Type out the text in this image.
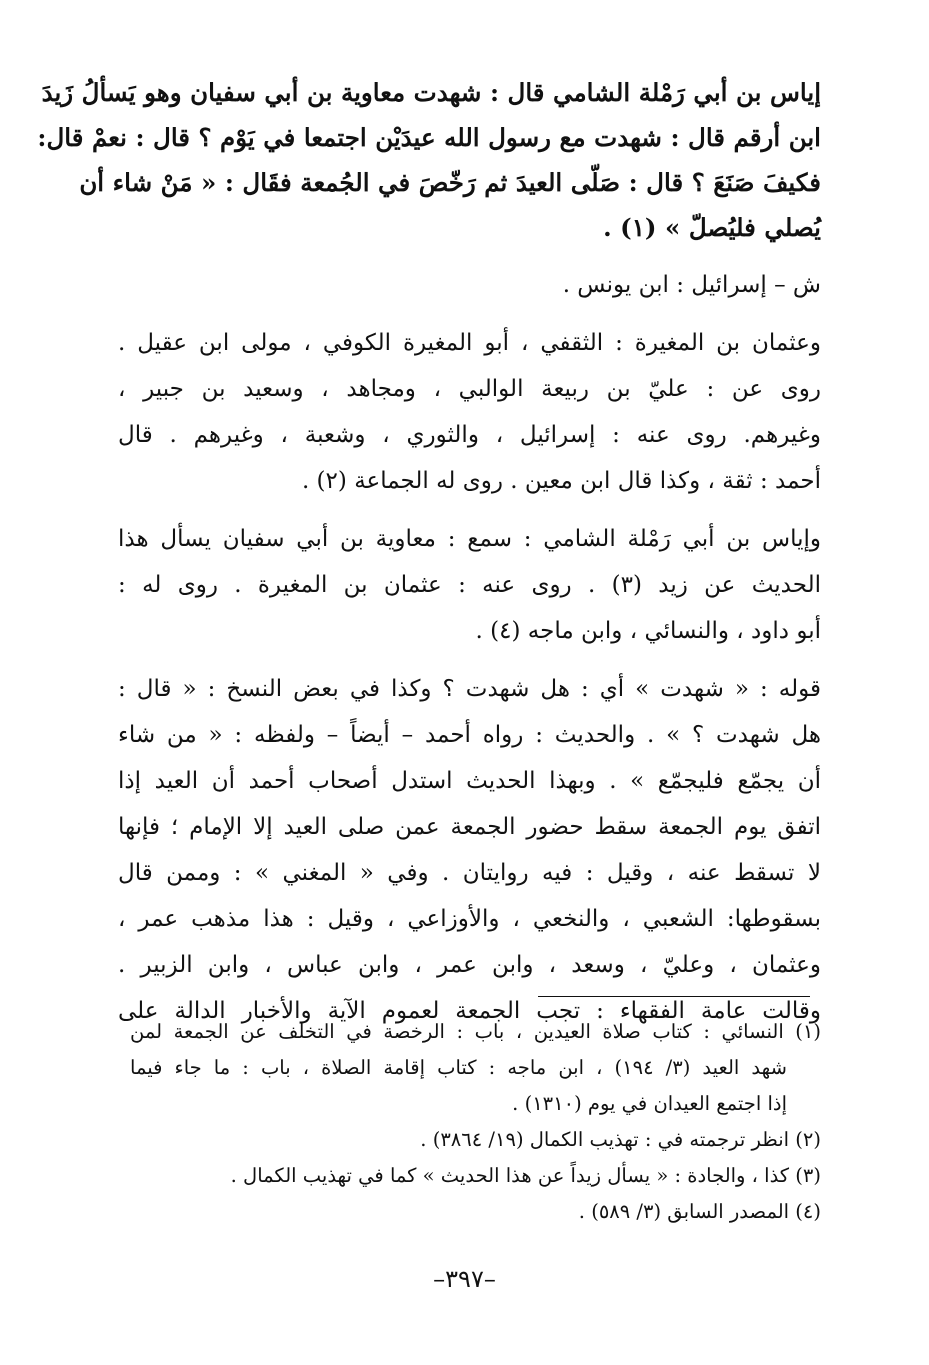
إياس بن أبي رَمْلة الشامي قال : شهدت معاوية بن أبي سفيان وهو يَسألُ زَيدَ
ابن أرقم قال : شهدت مع رسول الله عيدَيْن اجتمعا في يَوْم ؟ قال : نعمْ قال:
فكيفَ صَنَعَ ؟ قال : صَلّى العيدَ ثم رَخّصَ في الجُمعة فقَال : « مَنْ شاء أن
يُصلي فليُصلّ » (١) .
ش – إسرائيل : ابن يونس .
وعثمان بن المغيرة : الثقفي ، أبو المغيرة الكوفي ، مولى ابن عقيل .
روى عن : عليّ بن ربيعة الوالبي ، ومجاهد ، وسعيد بن جبير ،
وغيرهم. روى عنه : إسرائيل ، والثوري ، وشعبة ، وغيرهم . قال
أحمد : ثقة ، وكذا قال ابن معين . روى له الجماعة (٢) .
وإياس بن أبي رَمْلة الشامي : سمع : معاوية بن أبي سفيان يسأل هذا
الحديث عن زيد (٣) . روى عنه : عثمان بن المغيرة . روى له :
أبو داود ، والنسائي ، وابن ماجه (٤) .
قوله : « شهدت » أي : هل شهدت ؟ وكذا في بعض النسخ : « قال :
هل شهدت ؟ » . والحديث : رواه أحمد – أيضاً – ولفظه : « من شاء
أن يجمّع فليجمّع » . وبهذا الحديث استدل أصحاب أحمد أن العيد إذا
اتفق يوم الجمعة سقط حضور الجمعة عمن صلى العيد إلا الإمام ؛ فإنها
لا تسقط عنه ، وقيل : فيه روايتان . وفي « المغني » : وممن قال
بسقوطها: الشعبي ، والنخعي ، والأوزاعي ، وقيل : هذا مذهب عمر ،
وعثمان ، وعليّ ، وسعد ، وابن عمر ، وابن عباس ، وابن الزبير .
وقالت عامة الفقهاء : تجب الجمعة لعموم الآية والأخبار الدالة على
(١) النسائي : كتاب صلاة العيدين ، باب : الرخصة في التخلف عن الجمعة لمن
شهد العيد (٣/ ١٩٤) ، ابن ماجه : كتاب إقامة الصلاة ، باب : ما جاء فيما
إذا اجتمع العيدان في يوم (١٣١٠) .
(٢) انظر ترجمته في : تهذيب الكمال (١٩/ ٣٨٦٤) .
(٣) كذا ، والجادة : « يسأل زيداً عن هذا الحديث » كما في تهذيب الكمال .
(٤) المصدر السابق (٣/ ٥٨٩) .
–٣٩٧–
